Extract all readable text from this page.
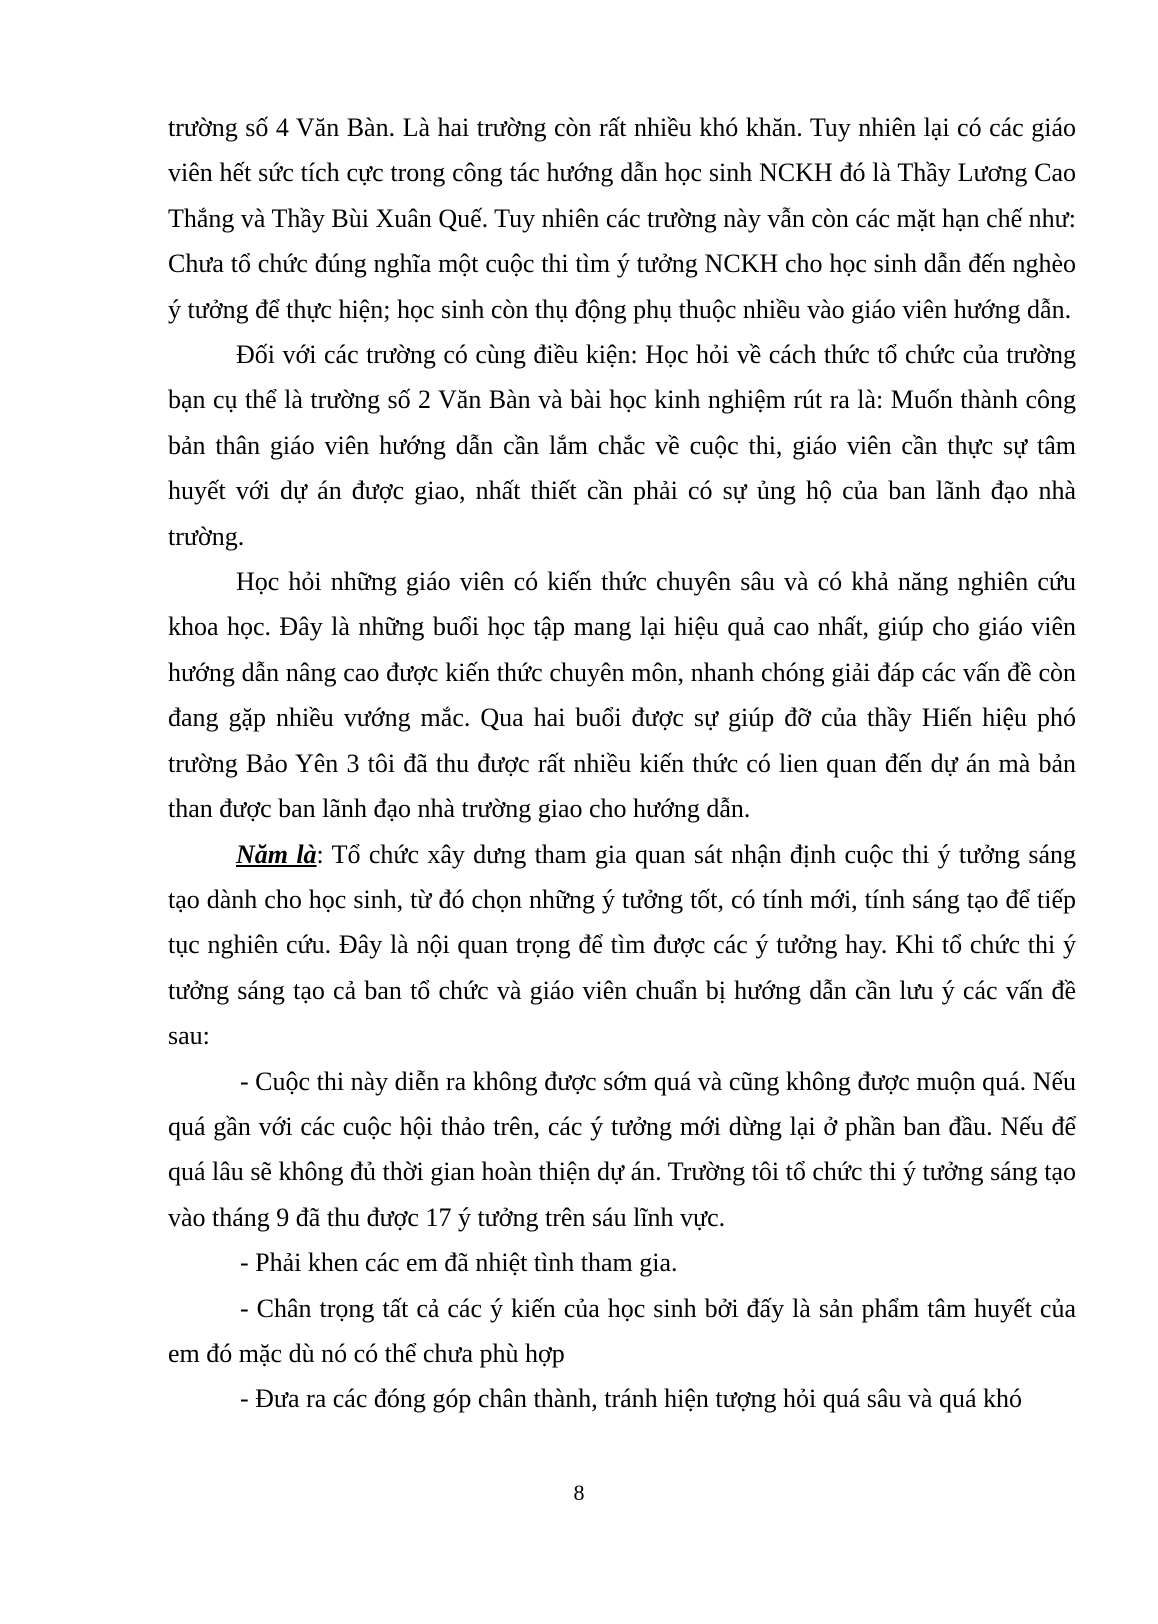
trường số 4 Văn Bàn. Là hai trường còn rất nhiều khó khăn. Tuy nhiên lại có các giáo viên hết sức tích cực trong công tác hướng dẫn học sinh NCKH đó là Thầy Lương Cao Thắng và Thầy Bùi Xuân Quế. Tuy nhiên các trường này vẫn còn các mặt hạn chế như: Chưa tổ chức đúng nghĩa một cuộc thi tìm ý tưởng NCKH cho học sinh dẫn đến nghèo ý tưởng để thực hiện; học sinh còn thụ động phụ thuộc nhiều vào giáo viên hướng dẫn.

Đối với các trường có cùng điều kiện: Học hỏi về cách thức tổ chức của trường bạn cụ thể là trường số 2 Văn Bàn và bài học kinh nghiệm rút ra là: Muốn thành công bản thân giáo viên hướng dẫn cần lắm chắc về cuộc thi, giáo viên cần thực sự tâm huyết với dự án được giao, nhất thiết cần phải có sự ủng hộ của ban lãnh đạo nhà trường.

Học hỏi những giáo viên có kiến thức chuyên sâu và có khả năng nghiên cứu khoa học. Đây là những buổi học tập mang lại hiệu quả cao nhất, giúp cho giáo viên hướng dẫn nâng cao được kiến thức chuyên môn, nhanh chóng giải đáp các vấn đề còn đang gặp nhiều vướng mắc. Qua hai buổi được sự giúp đỡ của thầy Hiến hiệu phó trường Bảo Yên 3 tôi đã thu được rất nhiều kiến thức có lien quan đến dự án mà bản than được ban lãnh đạo nhà trường giao cho hướng dẫn.

Năm là: Tổ chức xây dưng tham gia quan sát nhận định cuộc thi ý tưởng sáng tạo dành cho học sinh, từ đó chọn những ý tưởng tốt, có tính mới, tính sáng tạo để tiếp tục nghiên cứu. Đây là nội quan trọng để tìm được các ý tưởng hay. Khi tổ chức thi ý tưởng sáng tạo cả ban tổ chức và giáo viên chuẩn bị hướng dẫn cần lưu ý các vấn đề sau:

- Cuộc thi này diễn ra không được sớm quá và cũng không được muộn quá. Nếu quá gần với các cuộc hội thảo trên, các ý tưởng mới dừng lại ở phần ban đầu. Nếu để quá lâu sẽ không đủ thời gian hoàn thiện dự án. Trường tôi tổ chức thi ý tưởng sáng tạo vào tháng 9 đã thu được 17 ý tưởng trên sáu lĩnh vực.

- Phải khen các em đã nhiệt tình tham gia.

- Chân trọng tất cả các ý kiến của học sinh bởi đấy là sản phẩm tâm huyết của em đó mặc dù nó có thể chưa phù hợp

- Đưa ra các đóng góp chân thành, tránh hiện tượng hỏi quá sâu và quá khó

8
